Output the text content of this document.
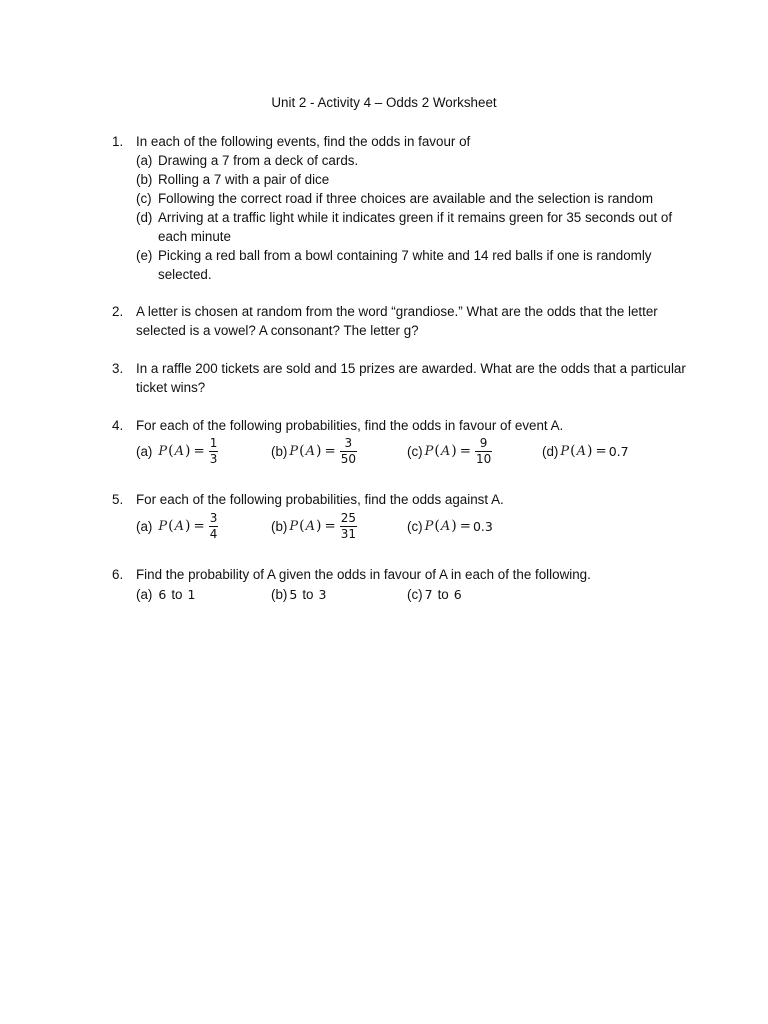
Unit 2 - Activity 4 – Odds 2 Worksheet
1. In each of the following events, find the odds in favour of
(a) Drawing a 7 from a deck of cards.
(b) Rolling a 7 with a pair of dice
(c) Following the correct road if three choices are available and the selection is random
(d) Arriving at a traffic light while it indicates green if it remains green for 35 seconds out of each minute
(e) Picking a red ball from a bowl containing 7 white and 14 red balls if one is randomly selected.
2. A letter is chosen at random from the word “grandiose.” What are the odds that the letter selected is a vowel? A consonant? The letter g?
3. In a raffle 200 tickets are sold and 15 prizes are awarded. What are the odds that a particular ticket wins?
4. For each of the following probabilities, find the odds in favour of event A.
(a) P ( A ) = $\frac{1}{3}$	(b) P ( A ) = $\frac{3}{50}$	(c) P ( A ) = $\frac{9}{10}$	(d) P ( A ) = 0.7
5. For each of the following probabilities, find the odds against A.
(a) P ( A ) = $\frac{3}{4}$	(b) P ( A ) = $\frac{25}{31}$	(c) P ( A ) = 0.3
6. Find the probability of A given the odds in favour of A in each of the following.
(a) 6 to 1	(b) 5 to 3	(c) 7 to 6
